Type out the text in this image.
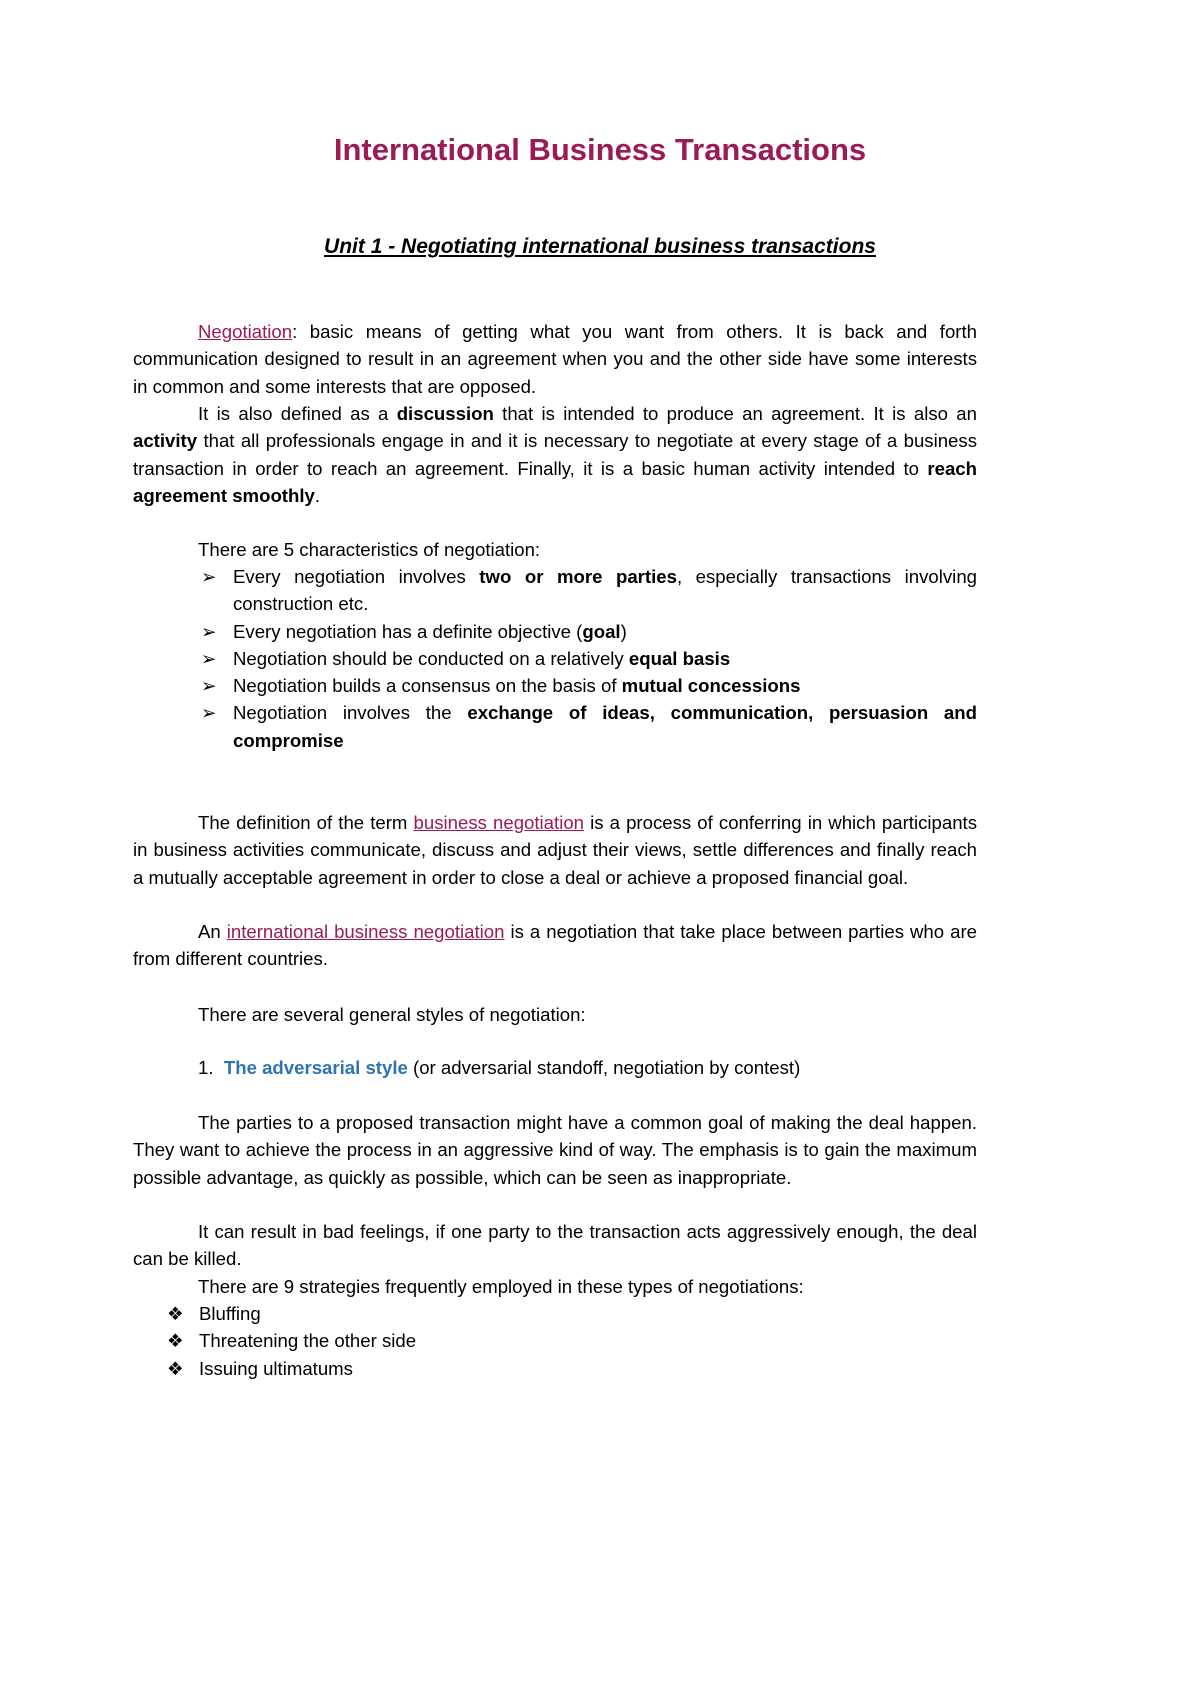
International Business Transactions
Unit 1 - Negotiating international business transactions
Negotiation: basic means of getting what you want from others. It is back and forth communication designed to result in an agreement when you and the other side have some interests in common and some interests that are opposed.
It is also defined as a discussion that is intended to produce an agreement. It is also an activity that all professionals engage in and it is necessary to negotiate at every stage of a business transaction in order to reach an agreement. Finally, it is a basic human activity intended to reach agreement smoothly.
There are 5 characteristics of negotiation:
➢ Every negotiation involves two or more parties, especially transactions involving construction etc.
➢ Every negotiation has a definite objective (goal)
➢ Negotiation should be conducted on a relatively equal basis
➢ Negotiation builds a consensus on the basis of mutual concessions
➢ Negotiation involves the exchange of ideas, communication, persuasion and compromise
The definition of the term business negotiation is a process of conferring in which participants in business activities communicate, discuss and adjust their views, settle differences and finally reach a mutually acceptable agreement in order to close a deal or achieve a proposed financial goal.
An international business negotiation is a negotiation that take place between parties who are from different countries.
There are several general styles of negotiation:
1. The adversarial style (or adversarial standoff, negotiation by contest)
The parties to a proposed transaction might have a common goal of making the deal happen. They want to achieve the process in an aggressive kind of way. The emphasis is to gain the maximum possible advantage, as quickly as possible, which can be seen as inappropriate.
It can result in bad feelings, if one party to the transaction acts aggressively enough, the deal can be killed.
There are 9 strategies frequently employed in these types of negotiations:
❖ Bluffing
❖ Threatening the other side
❖ Issuing ultimatums
